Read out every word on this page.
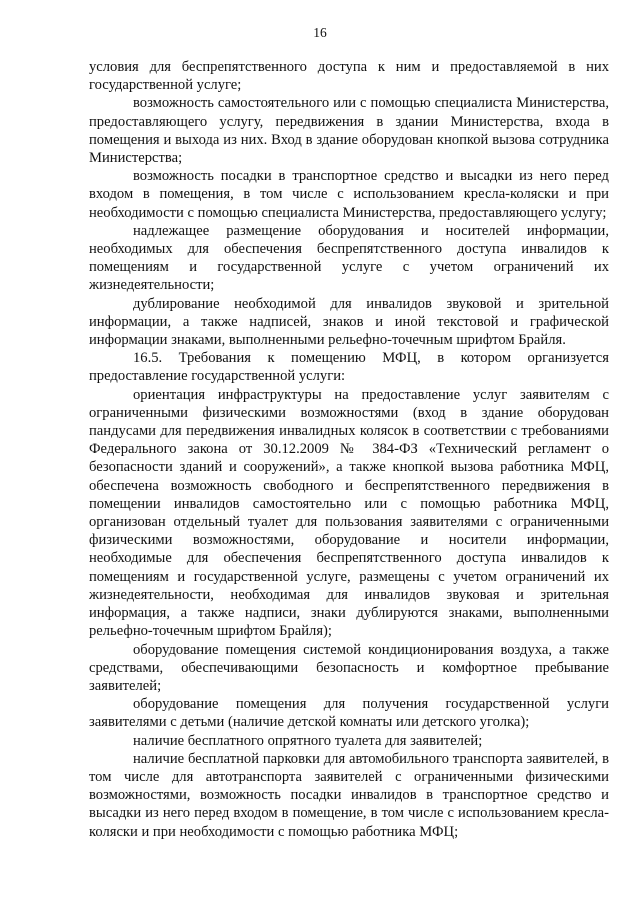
16

условия для беспрепятственного доступа к ним и предоставляемой в них государственной услуге;

возможность самостоятельного или с помощью специалиста Министерства, предоставляющего услугу, передвижения в здании Министерства, входа в помещения и выхода из них. Вход в здание оборудован кнопкой вызова сотрудника Министерства;

возможность посадки в транспортное средство и высадки из него перед входом в помещения, в том числе с использованием кресла-коляски и при необходимости с помощью специалиста Министерства, предоставляющего услугу;

надлежащее размещение оборудования и носителей информации, необходимых для обеспечения беспрепятственного доступа инвалидов к помещениям и государственной услуге с учетом ограничений их жизнедеятельности;

дублирование необходимой для инвалидов звуковой и зрительной информации, а также надписей, знаков и иной текстовой и графической информации знаками, выполненными рельефно-точечным шрифтом Брайля.

16.5. Требования к помещению МФЦ, в котором организуется предоставление государственной услуги:

ориентация инфраструктуры на предоставление услуг заявителям с ограниченными физическими возможностями (вход в здание оборудован пандусами для передвижения инвалидных колясок в соответствии с требованиями Федерального закона от 30.12.2009 № 384-ФЗ «Технический регламент о безопасности зданий и сооружений», а также кнопкой вызова работника МФЦ, обеспечена возможность свободного и беспрепятственного передвижения в помещении инвалидов самостоятельно или с помощью работника МФЦ, организован отдельный туалет для пользования заявителями с ограниченными физическими возможностями, оборудование и носители информации, необходимые для обеспечения беспрепятственного доступа инвалидов к помещениям и государственной услуге, размещены с учетом ограничений их жизнедеятельности, необходимая для инвалидов звуковая и зрительная информация, а также надписи, знаки дублируются знаками, выполненными рельефно-точечным шрифтом Брайля);

оборудование помещения системой кондиционирования воздуха, а также средствами, обеспечивающими безопасность и комфортное пребывание заявителей;

оборудование помещения для получения государственной услуги заявителями с детьми (наличие детской комнаты или детского уголка);

наличие бесплатного опрятного туалета для заявителей;

наличие бесплатной парковки для автомобильного транспорта заявителей, в том числе для автотранспорта заявителей с ограниченными физическими возможностями, возможность посадки инвалидов в транспортное средство и высадки из него перед входом в помещение, в том числе с использованием кресла-коляски и при необходимости с помощью работника МФЦ;
